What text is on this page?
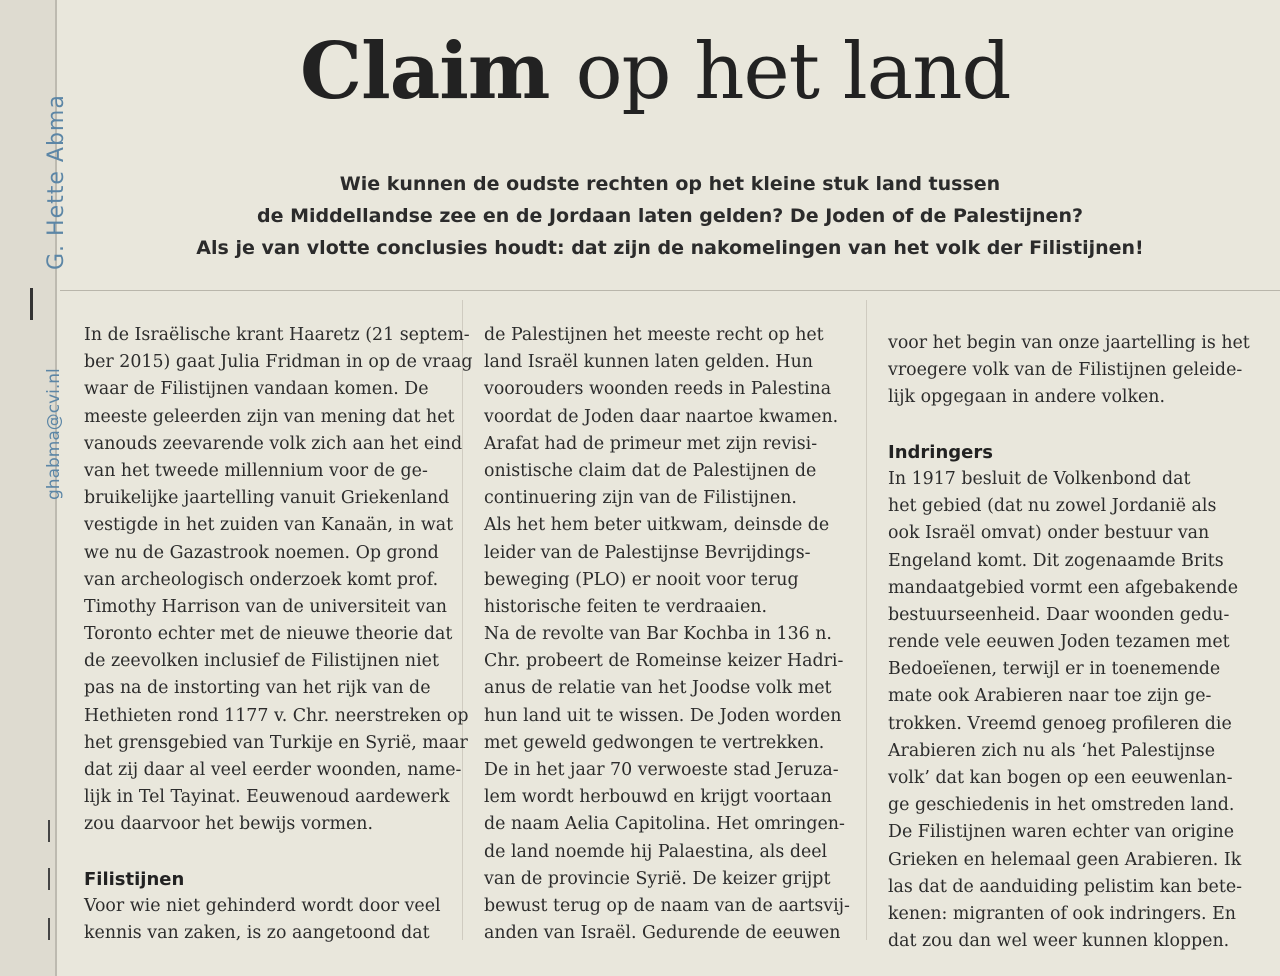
G. Hette Abma
ghabma@cvi.nl
Claim op het land
Wie kunnen de oudste rechten op het kleine stuk land tussen
de Middellandse zee en de Jordaan laten gelden? De Joden of de Palestijnen?
Als je van vlotte conclusies houdt: dat zijn de nakomelingen van het volk der Filistijnen!
In de Israëlische krant Haaretz (21 septem-
ber 2015) gaat Julia Fridman in op de vraag
waar de Filistijnen vandaan komen. De
meeste geleerden zijn van mening dat het
vanouds zeevarende volk zich aan het eind
van het tweede millennium voor de ge-
bruikelijke jaartelling vanuit Griekenland
vestigde in het zuiden van Kanaän, in wat
we nu de Gazastrook noemen. Op grond
van archeologisch onderzoek komt prof.
Timothy Harrison van de universiteit van
Toronto echter met de nieuwe theorie dat
de zeevolken inclusief de Filistijnen niet
pas na de instorting van het rijk van de
Hethieten rond 1177 v. Chr. neerstreken op
het grensgebied van Turkije en Syrië, maar
dat zij daar al veel eerder woonden, name-
lijk in Tel Tayinat. Eeuwenoud aardewerk
zou daarvoor het bewijs vormen.
Filistijnen
Voor wie niet gehinderd wordt door veel
kennis van zaken, is zo aangetoond dat
de Palestijnen het meeste recht op het
land Israël kunnen laten gelden. Hun
voorouders woonden reeds in Palestina
voordat de Joden daar naartoe kwamen.
Arafat had de primeur met zijn revisi-
onistische claim dat de Palestijnen de
continuering zijn van de Filistijnen.
Als het hem beter uitkwam, deinsde de
leider van de Palestijnse Bevrijdings-
beweging (PLO) er nooit voor terug
historische feiten te verdraaien.
Na de revolte van Bar Kochba in 136 n.
Chr. probeert de Romeinse keizer Hadri-
anus de relatie van het Joodse volk met
hun land uit te wissen. De Joden worden
met geweld gedwongen te vertrekken.
De in het jaar 70 verwoeste stad Jeruza-
lem wordt herbouwd en krijgt voortaan
de naam Aelia Capitolina. Het omringen-
de land noemde hij Palaestina, als deel
van de provincie Syrië. De keizer grijpt
bewust terug op de naam van de aartsvij-
anden van Israël. Gedurende de eeuwen
voor het begin van onze jaartelling is het
vroegere volk van de Filistijnen geleide-
lijk opgegaan in andere volken.
Indringers
In 1917 besluit de Volkenbond dat
het gebied (dat nu zowel Jordanië als
ook Israël omvat) onder bestuur van
Engeland komt. Dit zogenaamde Brits
mandaatgebied vormt een afgebakende
bestuurseenheid. Daar woonden gedu-
rende vele eeuwen Joden tezamen met
Bedoeïenen, terwijl er in toenemende
mate ook Arabieren naar toe zijn ge-
trokken. Vreemd genoeg profileren die
Arabieren zich nu als ‘het Palestijnse
volk’ dat kan bogen op een eeuwenlan-
ge geschiedenis in het omstreden land.
De Filistijnen waren echter van origine
Grieken en helemaal geen Arabieren. Ik
las dat de aanduiding pelistim kan bete-
kenen: migranten of ook indringers. En
dat zou dan wel weer kunnen kloppen.
